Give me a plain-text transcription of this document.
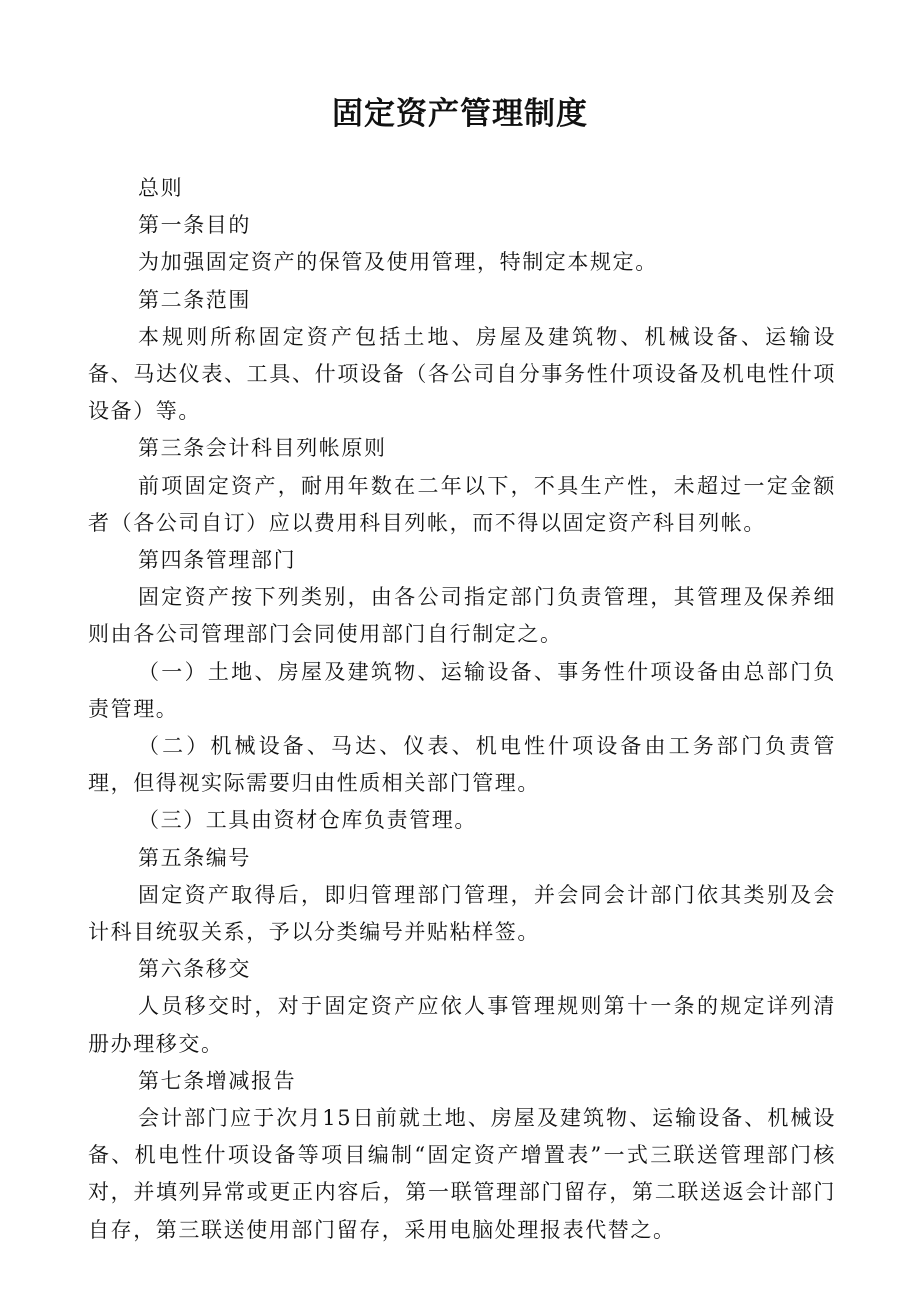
固定资产管理制度

总则

第一条目的

为加强固定资产的保管及使用管理，特制定本规定。

第二条范围

本规则所称固定资产包括土地、房屋及建筑物、机械设备、运输设备、马达仪表、工具、什项设备（各公司自分事务性什项设备及机电性什项设备）等。

第三条会计科目列帐原则

前项固定资产，耐用年数在二年以下，不具生产性，未超过一定金额者（各公司自订）应以费用科目列帐，而不得以固定资产科目列帐。

第四条管理部门

固定资产按下列类别，由各公司指定部门负责管理，其管理及保养细则由各公司管理部门会同使用部门自行制定之。

（一）土地、房屋及建筑物、运输设备、事务性什项设备由总部门负责管理。

（二）机械设备、马达、仪表、机电性什项设备由工务部门负责管理，但得视实际需要归由性质相关部门管理。

（三）工具由资材仓库负责管理。

第五条编号

固定资产取得后，即归管理部门管理，并会同会计部门依其类别及会计科目统驭关系，予以分类编号并贴粘样签。

第六条移交

人员移交时，对于固定资产应依人事管理规则第十一条的规定详列清册办理移交。

第七条增减报告

会计部门应于次月15日前就土地、房屋及建筑物、运输设备、机械设备、机电性什项设备等项目编制“固定资产增置表”一式三联送管理部门核对，并填列异常或更正内容后，第一联管理部门留存，第二联送返会计部门自存，第三联送使用部门留存，采用电脑处理报表代替之。
